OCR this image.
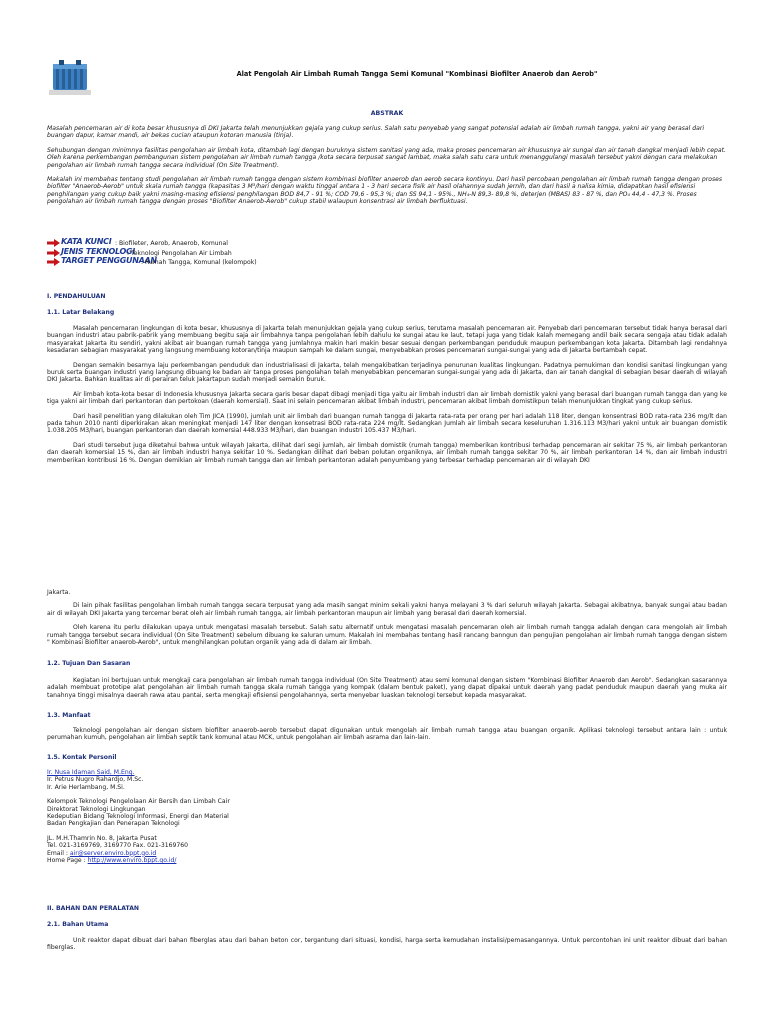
Alat Pengolah Air Limbah Rumah Tangga Semi Komunal "Kombinasi Biofilter Anaerob dan Aerob"
ABSTRAK

Masalah pencemaran air di kota besar khususnya di DKI Jakarta telah menunjukkan gejala yang cukup serius. Salah satu penyebab yang sangat potensial adalah air limbah rumah tangga, yakni air yang berasal dari buangan dapur, kamar mandi, air bekas cucian ataupun kotoran manusia (tinja).

Sehubungan dengan minimnya fasilitas pengolahan air limbah kota, ditambah lagi dengan buruknya sistem sanitasi yang ada, maka proses pencemaran air khususnya air sungai dan air tanah dangkal menjadi lebih cepat. Oleh karena perkembangan pembangunan sistem pengolahan air limbah rumah tangga /kota secara terpusat sangat lambat, maka salah satu cara untuk menanggulangi masalah tersebut yakni dengan cara melakukan pengolahan air limbah rumah tangga secara individual (On Site Treatment).

Makalah ini membahas tentang studi pengolahan air limbah rumah tangga dengan sistem kombinasi biofilter anaerob dan aerob secara kontinyu. Dari hasil percobaan pengolahan air limbah rumah tangga dengan proses biofilter "Anaerob-Aerob" untuk skala rumah tangga (kapasitas 3 M³/hari dengan waktu tinggal antara 1 - 3 hari secara fisik air hasil olahannya sudah jernih, dan dari hasil a nalisa kimia, didapatkan hasil efisiensi penghilangan yang cukup baik yakni masing-masing efisiensi penghilangan BOD 84,7 - 91 %; COD 79,6 - 95,3 %; dan SS 94,1 - 95%., NH₄-N 89,3- 89,8 %, deterjen (MBAS) 83 - 87 %, dan PO₄ 44,4 - 47,3 %. Proses pengolahan air limbah rumah tangga dengan proses "Biofilter Anaerob-Aerob" cukup stabil walaupun konsentrasi air limbah berfluktuasi.

KATA KUNCI : Biofileter, Aerob, Anaerob, Komunal
JENIS TEKNOLOGI
: Teknologi Pengolahan Air Limbah
TARGET PENGGUNAAN
: Rumah Tangga, Komunal (kelompok)
I. PENDAHULUAN
1.1. Latar Belakang

Masalah pencemaran lingkungan di kota besar, khususnya di Jakarta telah menunjukkan gejala yang cukup serius, terutama masalah pencemaran air. Penyebab dari pencemaran tersebut tidak hanya berasal dari buangan industri atau pabrik-pabrik yang membuang begitu saja air limbahnya tanpa pengolahan lebih dahulu ke sungai atau ke laut, tetapi juga yang tidak kalah memegang andil baik secara sengaja atau tidak adalah masyarakat Jakarta itu sendiri, yakni akibat air buangan rumah tangga yang jumlahnya makin hari makin besar sesuai dengan perkembangan penduduk maupun perkembangan kota Jakarta. Ditambah lagi rendahnya kesadaran sebagian masyarakat yang langsung membuang kotoran/tinja maupun sampah ke dalam sungai, menyebabkan proses pencemaran sungai-sungai yang ada di Jakarta bertambah cepat.

Dengan semakin besarnya laju perkembangan penduduk dan industrialisasi di Jakarta, telah mengakibatkan terjadinya penurunan kualitas lingkungan. Padatnya pemukiman dan kondisi sanitasi lingkungan yang buruk serta buangan industri yang langsung dibuang ke badan air tanpa proses pengolahan telah menyebabkan pencemaran sungai-sungai yang ada di Jakarta, dan air tanah dangkal di sebagian besar daerah di wilayah DKI Jakarta. Bahkan kualitas air di perairan teluk Jakartapun sudah menjadi semakin buruk.

Air limbah kota-kota besar di Indonesia khususnya Jakarta secara garis besar dapat dibagi menjadi tiga yaitu air limbah industri dan air limbah domistik yakni yang berasal dari buangan rumah tangga dan yang ke tiga yakni air limbah dari perkantoran dan pertokoan (daerah komersial). Saat ini selain pencemaran akibat limbah industri, pencemaran akibat limbah domistikpun telah menunjukkan tingkat yang cukup serius.

Dari hasil penelitian yang dilakukan oleh Tim JICA (1990), jumlah unit air limbah dari buangan rumah tangga di Jakarta rata-rata per orang per hari adalah 118 liter, dengan konsentrasi BOD rata-rata 236 mg/lt dan pada tahun 2010 nanti diperkirakan akan meningkat menjadi 147 liter dengan konsetrasi BOD rata-rata 224 mg/lt. Sedangkan Jumlah air limbah secara keseluruhan 1.316.113 M3/hari yakni untuk air buangan domistik 1.038.205 M3/hari, buangan perkantoran dan daerah komersial 448.933 M3/hari, dan buangan industri 105.437 M3/hari.

Dari studi tersebut juga diketahui bahwa untuk wilayah Jakarta, dilihat dari segi jumlah, air limbah domistik (rumah tangga) memberikan kontribusi terhadap pencemaran air sekitar 75 %, air limbah perkantoran dan daerah komersial 15 %, dan air limbah industri hanya sekitar 10 %. Sedangkan dilihat dari beban polutan organiknya, air limbah rumah tangga sekitar 70 %, air limbah perkantoran 14 %, dan air limbah industri memberikan kontribusi 16 %. Dengan demikian air limbah rumah tangga dan air limbah perkantoran adalah penyumbang yang terbesar terhadap pencemaran air di wilayah DKI

Jakarta.

Di lain pihak fasilitas pengolahan limbah rumah tangga secara terpusat yang ada masih sangat minim sekali yakni hanya melayani 3 % dari seluruh wilayah Jakarta. Sebagai akibatnya, banyak sungai atau badan air di wilayah DKI Jakarta yang tercemar berat oleh air limbah rumah tangga, air limbah perkantoran maupun air limbah yang berasal dari daerah komersial.

Oleh karena itu perlu dilakukan upaya untuk mengatasi masalah tersebut. Salah satu alternatif untuk mengatasi masalah pencemaran oleh air limbah rumah tangga adalah dengan cara mengolah air limbah rumah tangga tersebut secara individual (On Site Treatment) sebelum dibuang ke saluran umum. Makalah ini membahas tentang hasil rancang banngun dan pengujian pengolahan air limbah rumah tangga dengan sistem " Kombinasi Biofilter anaerob-Aerob", untuk menghilangkan polutan organik yang ada di dalam air limbah.

1.2. Tujuan Dan Sasaran

Kegiatan ini bertujuan untuk mengkaji cara pengolahan air limbah rumah tangga individual (On Site Treatment) atau semi komunal dengan sistem "Kombinasi Biofilter Anaerob dan Aerob". Sedangkan sasarannya adalah membuat prototipe alat pengolahan air limbah rumah tangga skala rumah tangga yang kompak (dalam bentuk paket), yang dapat dipakai untuk daerah yang padat penduduk maupun daerah yang muka air tanahnya tinggi misalnya daerah rawa atau pantai, serta mengkaji efisiensi pengolahannya, serta menyebar luaskan teknologi tersebut kepada masyarakat.

1.3. Manfaat

Teknologi pengolahan air dengan sistem biofilter anaerob-aerob tersebut dapat digunakan untuk mengolah air limbah rumah tangga atau buangan organik. Aplikasi teknologi tersebut antara lain : untuk perumahan kumuh, pengolahan air limbah septik tank komunal atau MCK, untuk pengolahan air limbah asrama dan lain-lain.

1.5. Kontak Personil
Ir. Nusa Idaman Said, M.Eng.
Ir. Petrus Nugro Rahardjo, M.Sc.
Ir. Arie Herlambang, M.Si.
Kelompok Teknologi Pengelolaan Air Bersih dan Limbah Cair
Direktorat Teknologi Lingkungan
Kedeputian Bidang Teknologi Informasi, Energi dan Material
Badan Pengkajian dan Penerapan Teknologi
JL. M.H.Thamrin No. 8, Jakarta Pusat
Tel. 021-3169769, 3169770 Fax. 021-3169760
Email : air@server.enviro.bppt.go.id
Home Page : http://www.enviro.bppt.go.id/
II. BAHAN DAN PERALATAN
2.1. Bahan Utama

Unit reaktor dapat dibuat dari bahan fiberglas atau dari bahan beton cor, tergantung dari situasi, kondisi, harga serta kemudahan instalisi/pemasangannya. Untuk percontohan ini unit reaktor dibuat dari bahan fiberglas.
